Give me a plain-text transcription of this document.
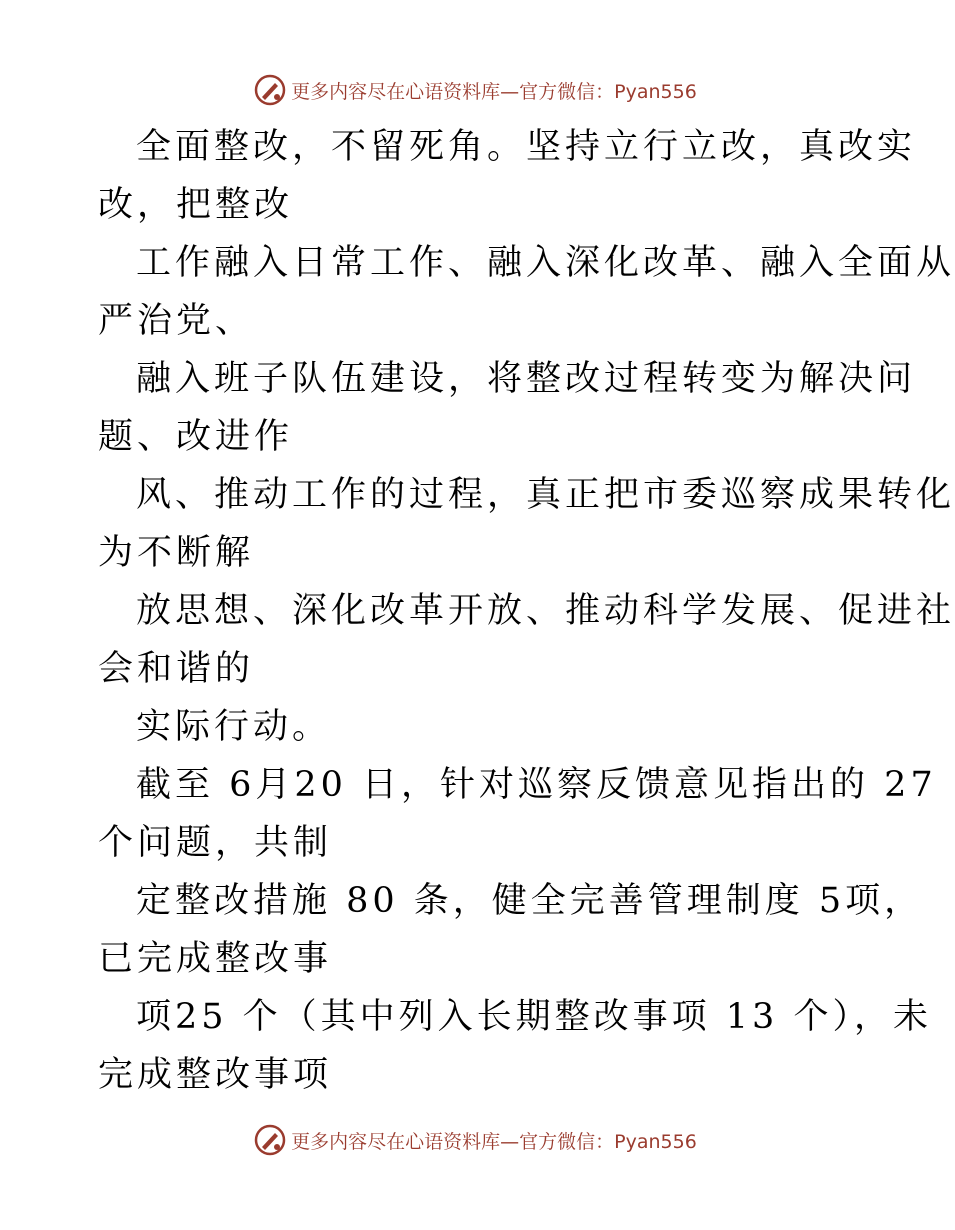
更多内容尽在心语资料库—官方微信：Pyan556
全面整改，不留死角。坚持立行立改，真改实
改，把整改
工作融入日常工作、融入深化改革、融入全面从
严治党、
融入班子队伍建设，将整改过程转变为解决问
题、改进作
风、推动工作的过程，真正把市委巡察成果转化
为不断解
放思想、深化改革开放、推动科学发展、促进社
会和谐的
实际行动。
截至 6月20 日，针对巡察反馈意见指出的 27
个问题，共制
定整改措施 80 条，健全完善管理制度 5项，
已完成整改事
项25 个（其中列入长期整改事项 13 个），未
完成整改事项
更多内容尽在心语资料库—官方微信：Pyan556
